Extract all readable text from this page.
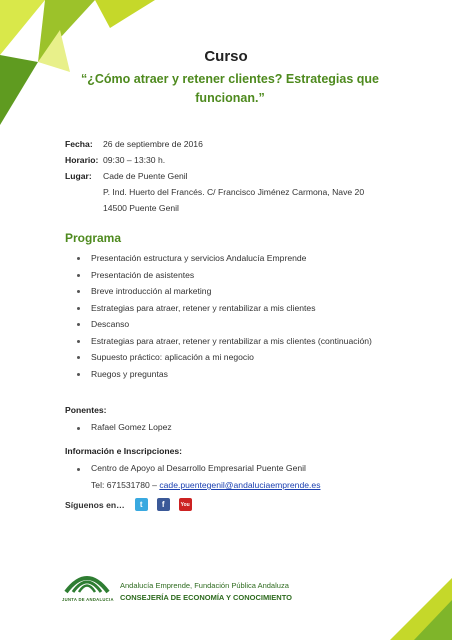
Curso
“¿Cómo atraer y retener clientes? Estrategias que
funcionan.”
Fecha:	26 de septiembre de 2016
Horario: 09:30 – 13:30 h.
Lugar:	Cade de Puente Genil
P. Ind. Huerto del Francés. C/ Francisco Jiménez Carmona, Nave 20
14500 Puente Genil
Programa
Presentación estructura y servicios Andalucía Emprende
Presentación de asistentes
Breve introducción al marketing
Estrategias para atraer, retener y rentabilizar a mis clientes
Descanso
Estrategias para atraer, retener y rentabilizar a mis clientes (continuación)
Supuesto práctico: aplicación a mi negocio
Ruegos y preguntas
Ponentes:
Rafael Gomez Lopez
Información e Inscripciones:
Centro de Apoyo al Desarrollo Empresarial Puente Genil
Tel: 671531780 – cade.puentegenil@andaluciaemprende.es
Síguenos en…	t	f	You
JUNTA DE ANDALUCIA
Andalucía Emprende, Fundación Pública Andaluza
CONSEJERÍA DE ECONOMÍA Y CONOCIMIENTO
